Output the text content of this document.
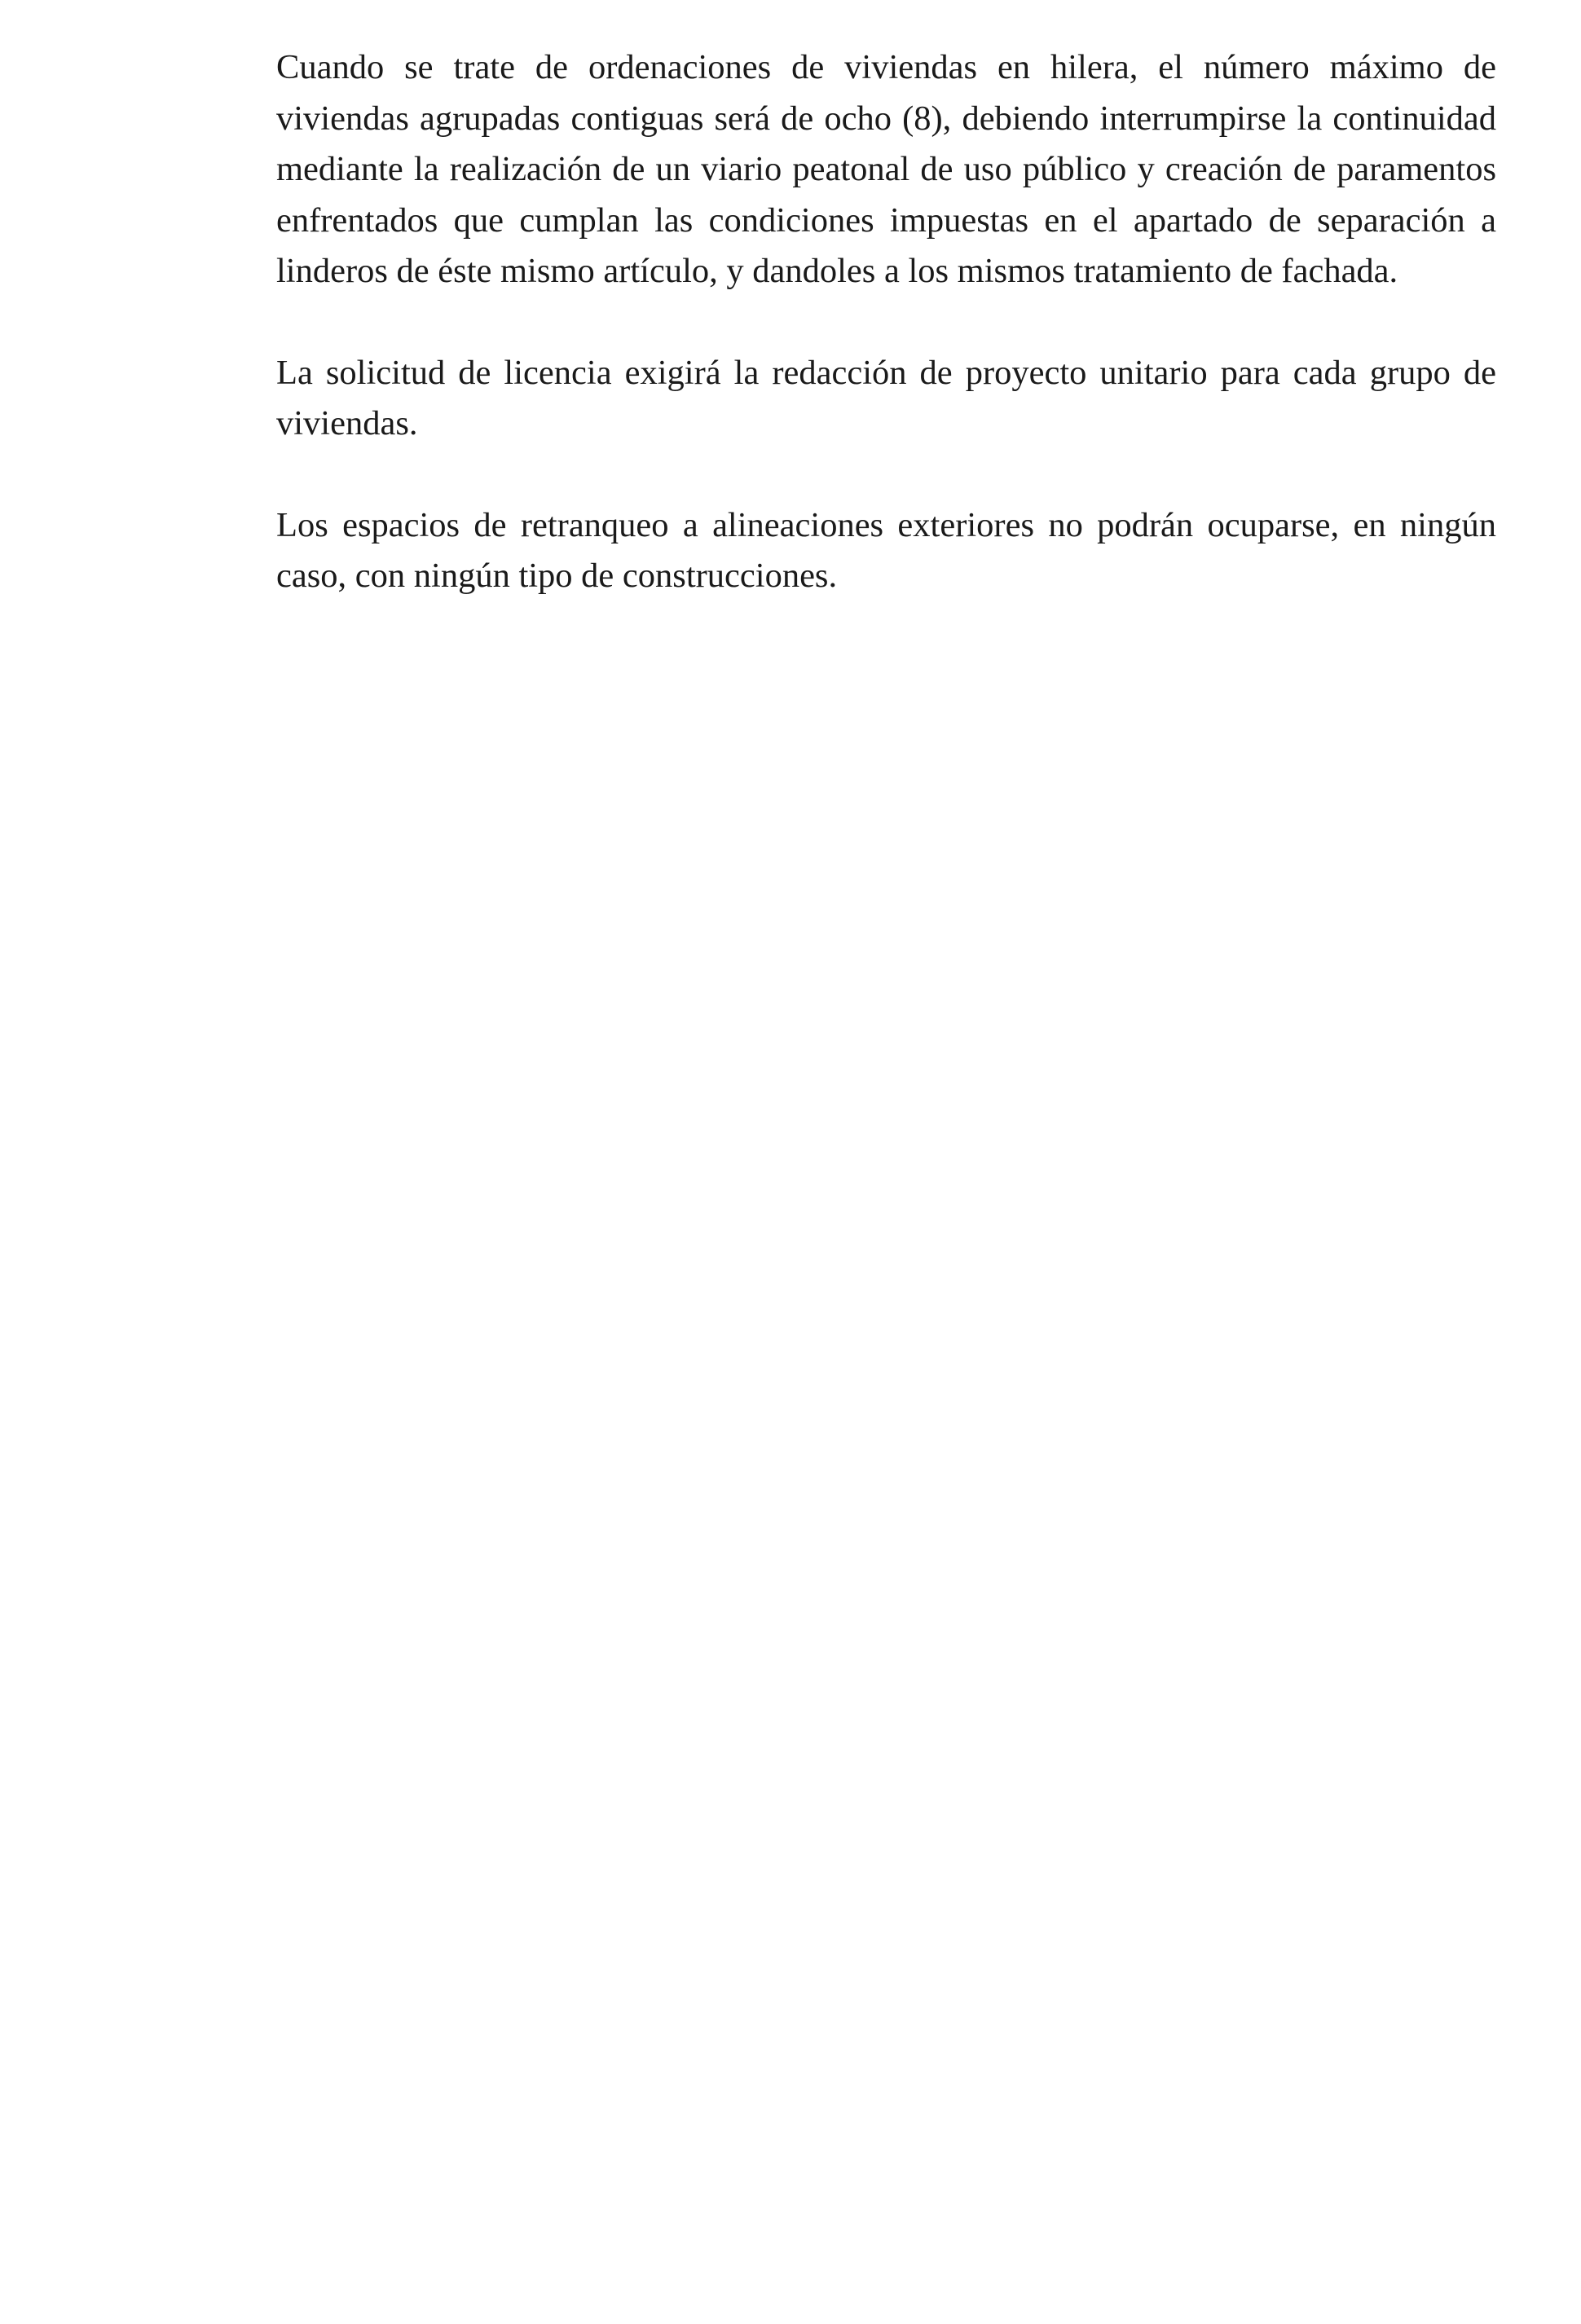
Cuando se trate de ordenaciones de viviendas en hilera, el número máximo de viviendas agrupadas contiguas será de ocho (8), debiendo interrumpirse la continuidad mediante la realización de un viario peatonal de uso público y creación de paramentos enfrentados que cumplan las condiciones impuestas en el apartado de separación a linderos de éste mismo artículo, y dandoles a los mismos tratamiento de fachada.

La solicitud de licencia exigirá la redacción de proyecto unitario para cada grupo de viviendas.

Los espacios de retranqueo a alineaciones exteriores no podrán ocuparse, en ningún caso, con ningún tipo de construcciones.
